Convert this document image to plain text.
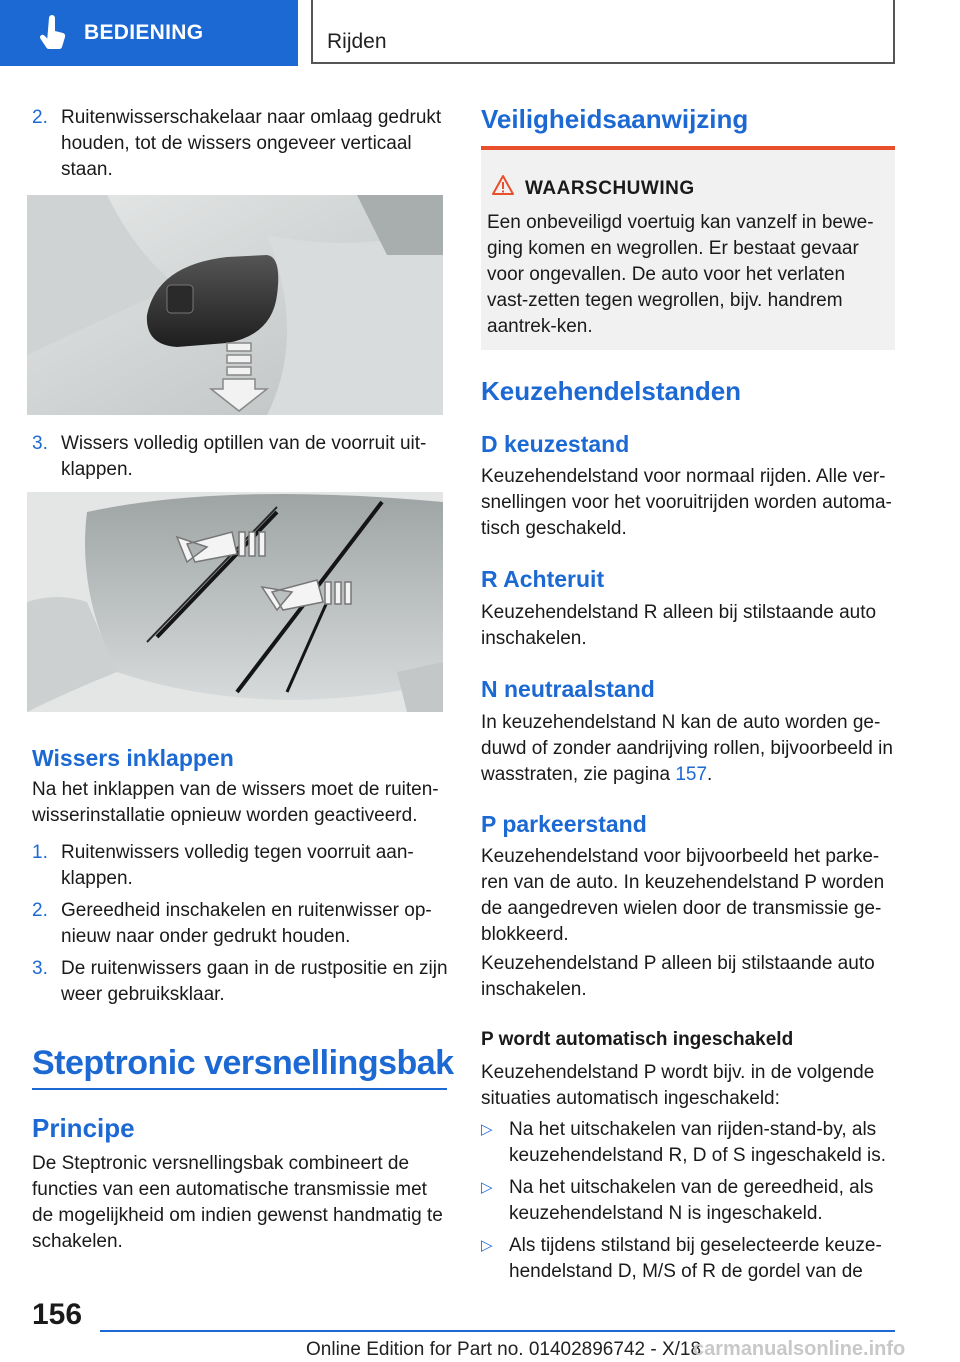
BEDIENING	Rijden
2. Ruitenwisserschakelaar naar omlaag gedrukt houden, tot de wissers ongeveer verticaal staan.
3. Wissers volledig optillen van de voorruit uit-klappen.
Wissers inklappen

Na het inklappen van de wissers moet de ruiten-wisserinstallatie opnieuw worden geactiveerd.

1. Ruitenwissers volledig tegen voorruit aan-klappen.
2. Gereedheid inschakelen en ruitenwisser op-nieuw naar onder gedrukt houden.
3. De ruitenwissers gaan in de rustpositie en zijn weer gebruiksklaar.
Steptronic versnellingsbak
Principe

De Steptronic versnellingsbak combineert de functies van een automatische transmissie met de mogelijkheid om indien gewenst handmatig te schakelen.

Veiligheidsaanwijzing
WAARSCHUWING
Een onbeveiligd voertuig kan vanzelf in bewe-ging komen en wegrollen. Er bestaat gevaar voor ongevallen. De auto voor het verlaten vast-zetten tegen wegrollen, bijv. handrem aantrek-ken.
Keuzehendelstanden
D keuzestand

Keuzehendelstand voor normaal rijden. Alle ver-snellingen voor het vooruitrijden worden automa-tisch geschakeld.

R Achteruit

Keuzehendelstand R alleen bij stilstaande auto inschakelen.

N neutraalstand

In keuzehendelstand N kan de auto worden ge-duwd of zonder aandrijving rollen, bijvoorbeeld in wasstraten, zie pagina 157.

P parkeerstand

Keuzehendelstand voor bijvoorbeeld het parke-ren van de auto. In keuzehendelstand P worden de aangedreven wielen door de transmissie ge-blokkeerd.

Keuzehendelstand P alleen bij stilstaande auto inschakelen.

P wordt automatisch ingeschakeld

Keuzehendelstand P wordt bijv. in de volgende situaties automatisch ingeschakeld:

▷ Na het uitschakelen van rijden-stand-by, als keuzehendelstand R, D of S ingeschakeld is.
▷ Na het uitschakelen van de gereedheid, als keuzehendelstand N is ingeschakeld.
▷ Als tijdens stilstand bij geselecteerde keuze-hendelstand D, M/S of R de gordel van de
156
Online Edition for Part no. 01402896742 - X/18
carmanualsonline.info
